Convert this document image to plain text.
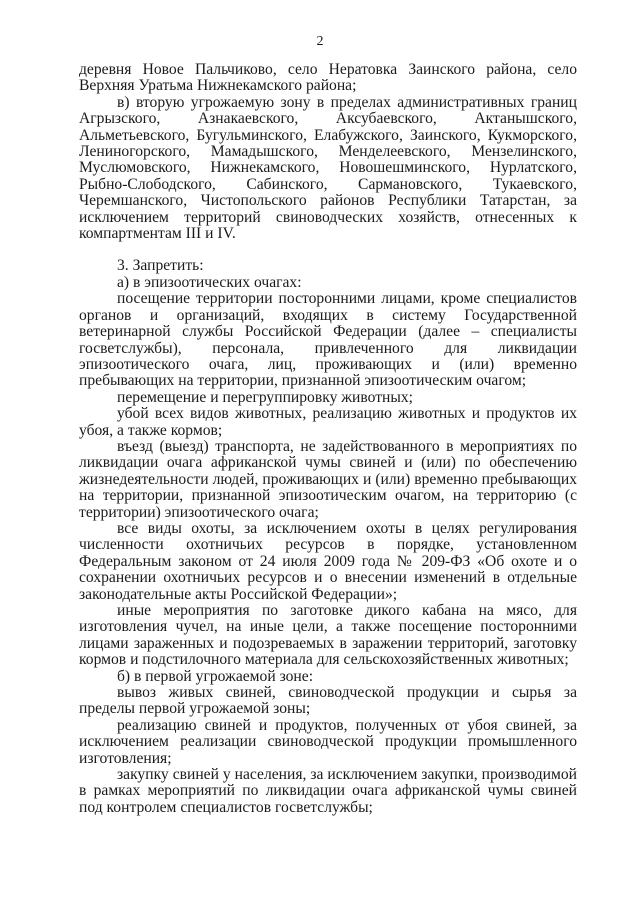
2

деревня Новое Пальчиково, село Нератовка Заинского района, село Верхняя Уратьма Нижнекамского района;

в) вторую угрожаемую зону в пределах административных границ Агрызского, Азнакаевского, Аксубаевского, Актанышского, Альметьевского, Бугульминского, Елабужского, Заинского, Кукморского, Лениногорского, Мамадышского, Менделеевского, Мензелинского, Муслюмовского, Нижнекамского, Новошешминского, Нурлатского, Рыбно-Слободского, Сабинского, Сармановского, Тукаевского, Черемшанского, Чистопольского районов Республики Татарстан, за исключением территорий свиноводческих хозяйств, отнесенных к компартментам III и IV.

3. Запретить:

а) в эпизоотических очагах:

посещение территории посторонними лицами, кроме специалистов органов и организаций, входящих в систему Государственной ветеринарной службы Российской Федерации (далее – специалисты госветслужбы), персонала, привлеченного для ликвидации эпизоотического очага, лиц, проживающих и (или) временно пребывающих на территории, признанной эпизоотическим очагом;

перемещение и перегруппировку животных;

убой всех видов животных, реализацию животных и продуктов их убоя, а также кормов;

въезд (выезд) транспорта, не задействованного в мероприятиях по ликвидации очага африканской чумы свиней и (или) по обеспечению жизнедеятельности людей, проживающих и (или) временно пребывающих на территории, признанной эпизоотическим очагом, на территорию (с территории) эпизоотического очага;

все виды охоты, за исключением охоты в целях регулирования численности охотничьих ресурсов в порядке, установленном Федеральным законом от 24 июля 2009 года № 209-ФЗ «Об охоте и о сохранении охотничьих ресурсов и о внесении изменений в отдельные законодательные акты Российской Федерации»;

иные мероприятия по заготовке дикого кабана на мясо, для изготовления чучел, на иные цели, а также посещение посторонними лицами зараженных и подозреваемых в заражении территорий, заготовку кормов и подстилочного материала для сельскохозяйственных животных;

б) в первой угрожаемой зоне:

вывоз живых свиней, свиноводческой продукции и сырья за пределы первой угрожаемой зоны;

реализацию свиней и продуктов, полученных от убоя свиней, за исключением реализации свиноводческой продукции промышленного изготовления;

закупку свиней у населения, за исключением закупки, производимой в рамках мероприятий по ликвидации очага африканской чумы свиней под контролем специалистов госветслужбы;
